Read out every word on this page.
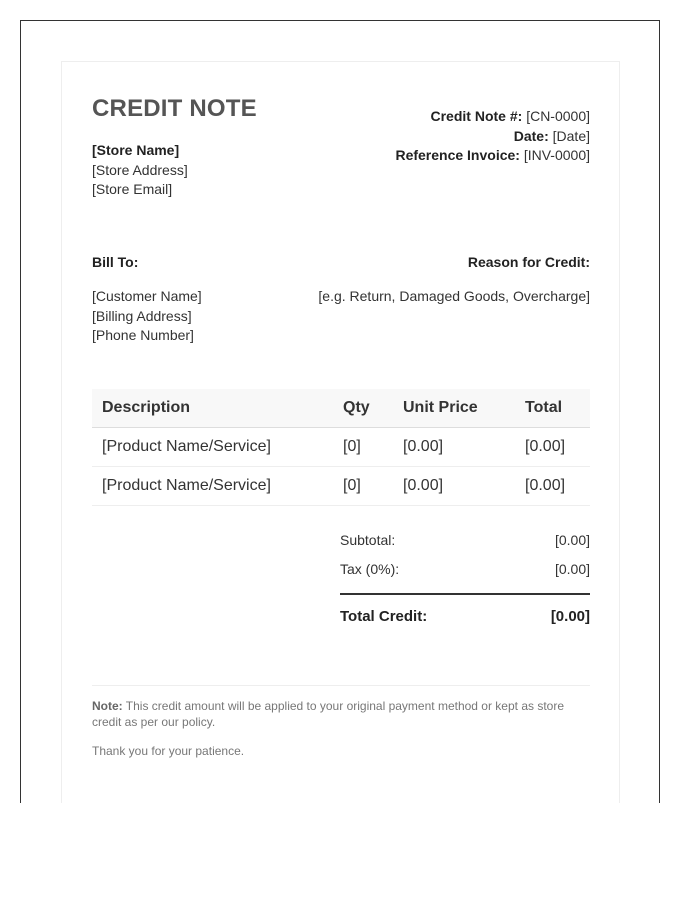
CREDIT NOTE
[Store Name]
[Store Address]
[Store Email]
Credit Note #: [CN-0000]
Date: [Date]
Reference Invoice: [INV-0000]
Bill To:
[Customer Name]
[Billing Address]
[Phone Number]
Reason for Credit:
[e.g. Return, Damaged Goods, Overcharge]
Description	Qty	Unit Price	Total
[Product Name/Service]	[0]	[0.00]	[0.00]
[Product Name/Service]	[0]	[0.00]	[0.00]
Subtotal:	[0.00]
Tax (0%):	[0.00]
Total Credit:	[0.00]
Note: This credit amount will be applied to your original payment method or kept as store credit as per our policy.
Thank you for your patience.
